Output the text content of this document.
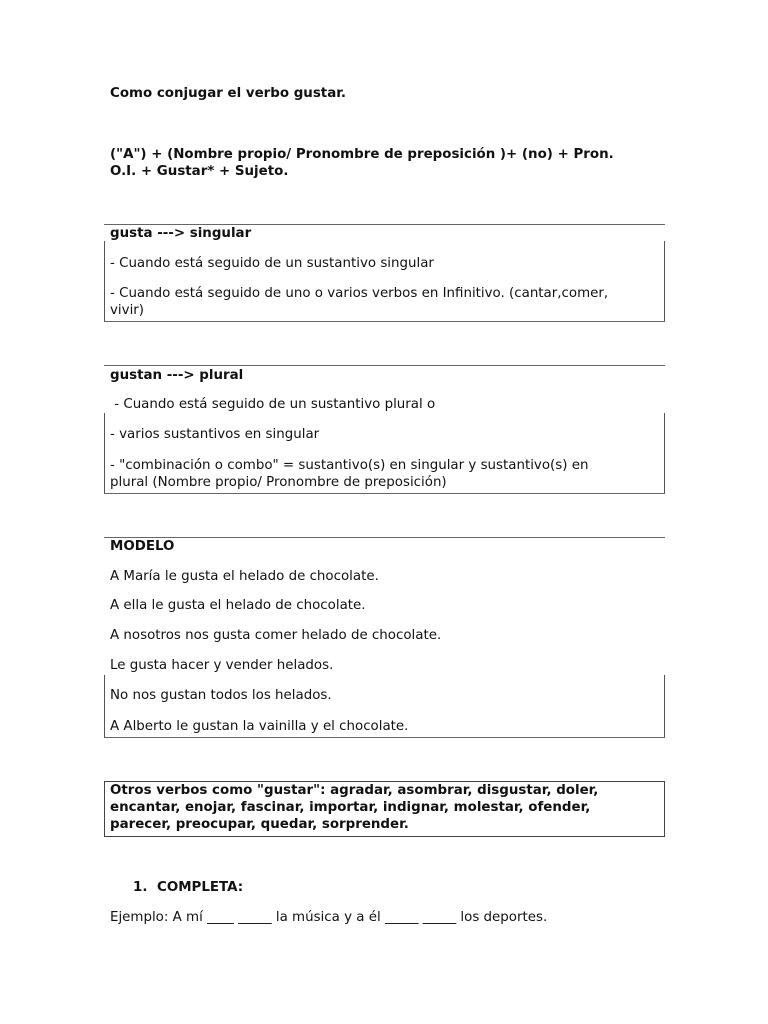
Como conjugar el verbo gustar.
("A") + (Nombre propio/ Pronombre de preposición )+ (no) + Pron.
O.I. + Gustar* + Sujeto.
gusta ---> singular
- Cuando está seguido de un sustantivo singular
- Cuando está seguido de uno o varios verbos en Infinitivo. (cantar,comer,
vivir)
gustan ---> plural
- Cuando está seguido de un sustantivo plural o
- varios sustantivos en singular
- "combinación o combo" = sustantivo(s) en singular y sustantivo(s) en
plural (Nombre propio/ Pronombre de preposición)
MODELO
A María le gusta el helado de chocolate.
A ella le gusta el helado de chocolate.
A nosotros nos gusta comer helado de chocolate.
Le gusta hacer y vender helados.
No nos gustan todos los helados.
A Alberto le gustan la vainilla y el chocolate.
Otros verbos como "gustar": agradar, asombrar, disgustar, doler,
encantar, enojar, fascinar, importar, indignar, molestar, ofender,
parecer, preocupar, quedar, sorprender.
1. COMPLETA:
Ejemplo: A mí ____ _____ la música y a él _____ _____ los deportes.
